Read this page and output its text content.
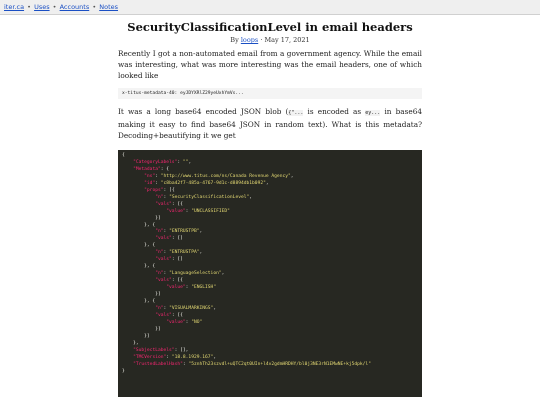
iter.ca • Uses • Accounts • Notes
SecurityClassificationLevel in email headers
By loops · May 17, 2021

Recently I got a non-automated email from a government agency. While the email was interesting, what was more interesting was the email headers, one of which looked like

x-titus-metadata-40: eyJDYXRlZ29yeUxhYmVs...

It was a long base64 encoded JSON blob ({"... is encoded as ey... in base64 making it easy to find base64 JSON in random text). What is this metadata? Decoding+beautifying it we get

{
"CategoryLabels": "",
"Metadata": {
"ns": "http://www.titus.com/ns/Canada Revenue Agency",
"id": "c8ba42f7-485a-4767-9d1c-d8894db1b092",
"props": [{
"n": "SecurityClassificationLevel",
"vals": [{
"value": "UNCLASSIFIED"
}]
}, {
"n": "ENTRUSTPB",
"vals": []
}, {
"n": "ENTRUSTPA",
"vals": []
}, {
"n": "LanguageSelection",
"vals": [{
"value": "ENGLISH"
}]
}, {
"n": "VISUALMARKINGS",
"vals": [{
"value": "NO"
}]
}]
},
"SubjectLabels": [],
"TMCVersion": "18.8.1929.167",
"TrustedLabelHash": "5znhTh23szvdl+uQTC2qt0UIn+l4v2gdmHRDHY/bl0j3NE3rN1EMwNE+kj5dpk/l"
}
